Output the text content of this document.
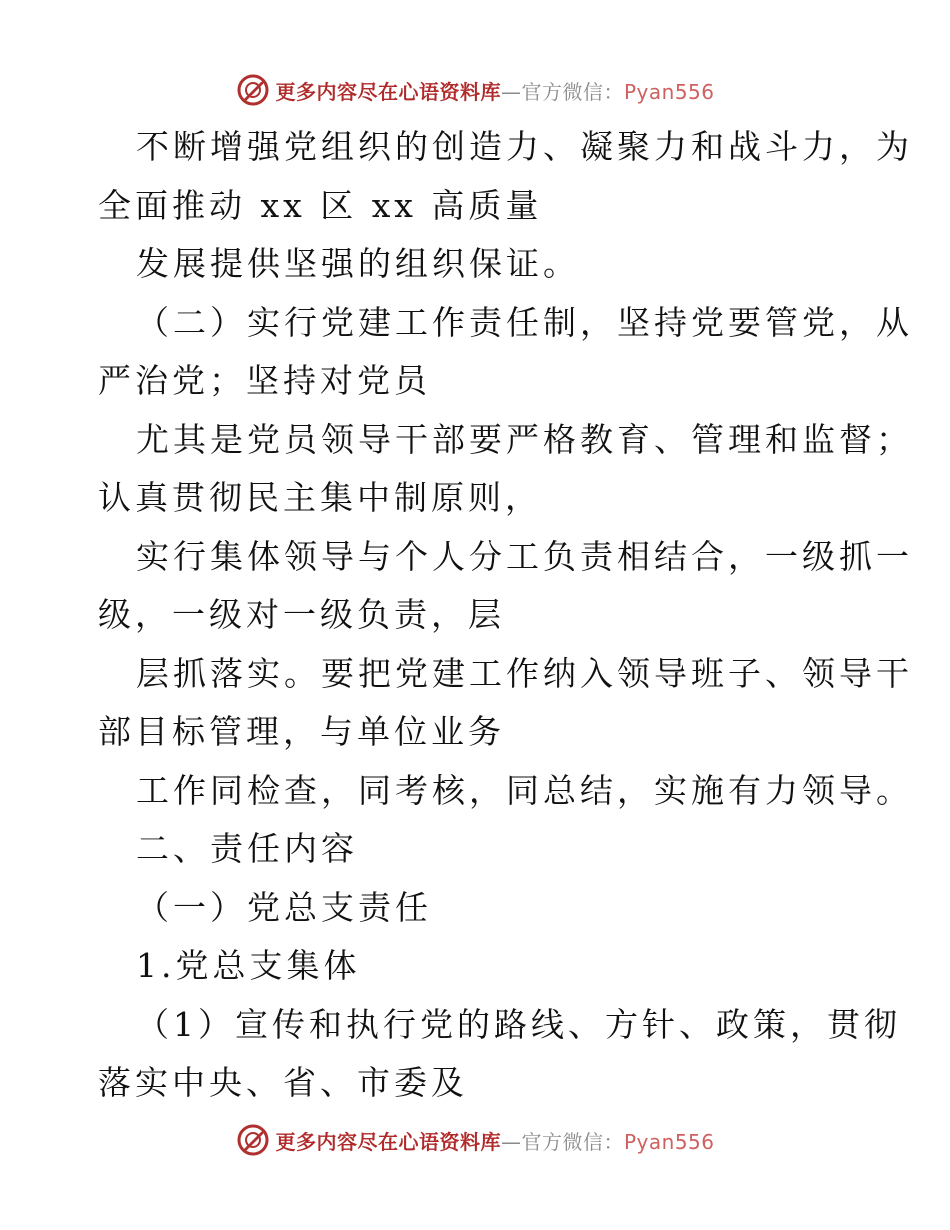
更多内容尽在心语资料库—官方微信：Pyan556
不断增强党组织的创造力、凝聚力和战斗力，为
全面推动 xx 区 xx 高质量
发展提供坚强的组织保证。
（二）实行党建工作责任制，坚持党要管党，从
严治党；坚持对党员
尤其是党员领导干部要严格教育、管理和监督；
认真贯彻民主集中制原则，
实行集体领导与个人分工负责相结合，一级抓一
级，一级对一级负责，层
层抓落实。要把党建工作纳入领导班子、领导干
部目标管理，与单位业务
工作同检查，同考核，同总结，实施有力领导。
二、责任内容
（一）党总支责任
1.党总支集体
（1）宣传和执行党的路线、方针、政策，贯彻
落实中央、省、市委及
更多内容尽在心语资料库—官方微信：Pyan556
